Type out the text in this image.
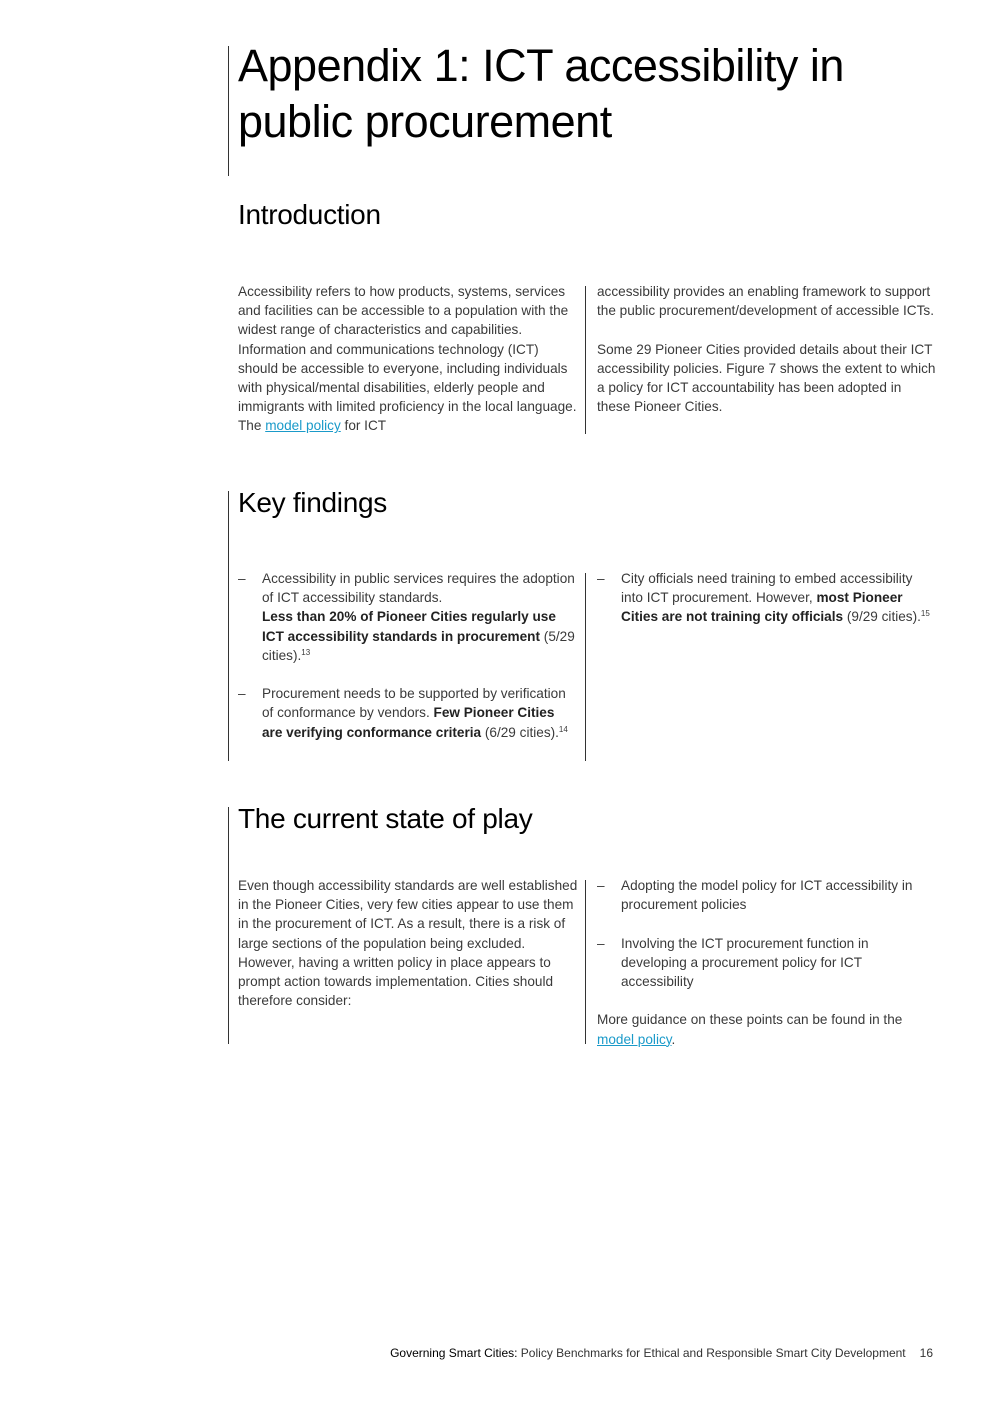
Appendix 1: ICT accessibility in public procurement
Introduction

Accessibility refers to how products, systems, services and facilities can be accessible to a population with the widest range of characteristics and capabilities. Information and communications technology (ICT) should be accessible to everyone, including individuals with physical/mental disabilities, elderly people and immigrants with limited proficiency in the local language. The model policy for ICT

accessibility provides an enabling framework to support the public procurement/development of accessible ICTs.

Some 29 Pioneer Cities provided details about their ICT accessibility policies. Figure 7 shows the extent to which a policy for ICT accountability has been adopted in these Pioneer Cities.

Key findings
– Accessibility in public services requires the adoption of ICT accessibility standards.
Less than 20% of Pioneer Cities regularly use ICT accessibility standards in procurement (5/29 cities).$^{13}$
– Procurement needs to be supported by verification of conformance by vendors. Few Pioneer Cities are verifying conformance criteria (6/29 cities).$^{14}$
– City officials need training to embed accessibility into ICT procurement. However, most Pioneer Cities are not training city officials (9/29 cities).$^{15}$
The current state of play

Even though accessibility standards are well established in the Pioneer Cities, very few cities appear to use them in the procurement of ICT. As a result, there is a risk of large sections of the population being excluded. However, having a written policy in place appears to prompt action towards implementation. Cities should therefore consider:

– Adopting the model policy for ICT accessibility in procurement policies
– Involving the ICT procurement function in developing a procurement policy for ICT accessibility

More guidance on these points can be found in the model policy.

Governing Smart Cities: Policy Benchmarks for Ethical and Responsible Smart City Development 16
